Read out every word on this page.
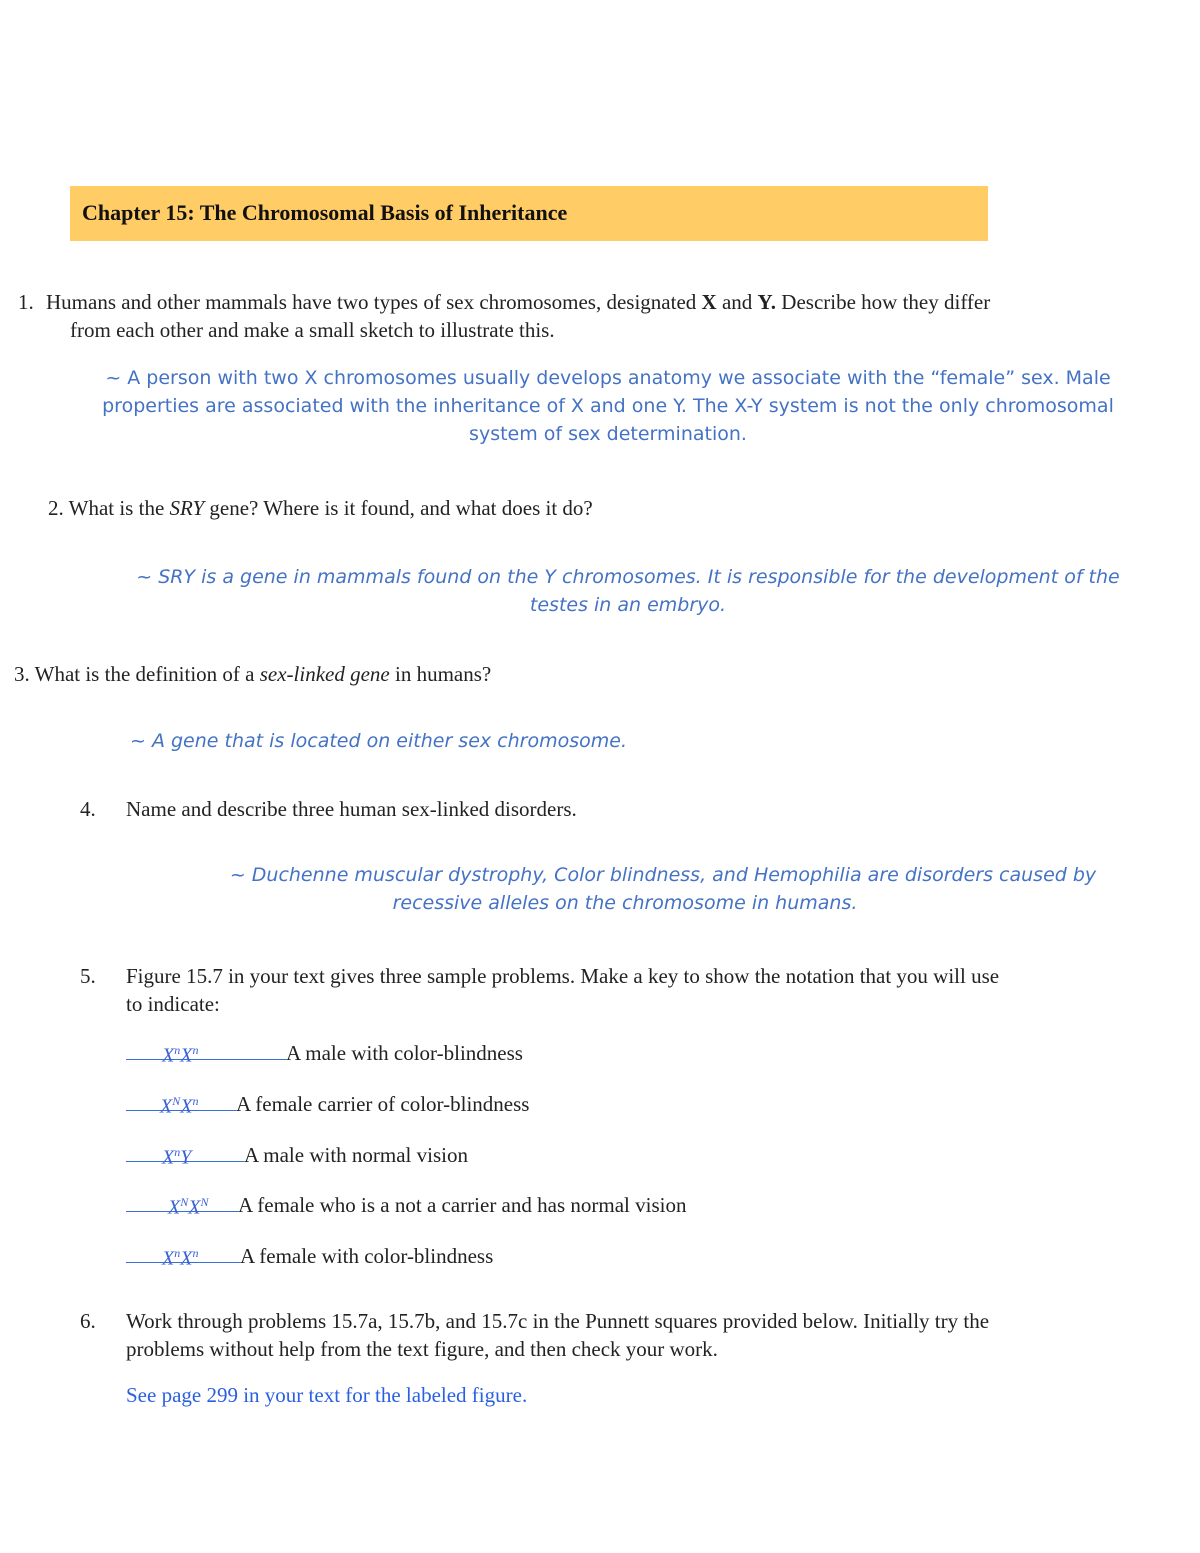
Chapter 15: The Chromosomal Basis of Inheritance
1. Humans and other mammals have two types of sex chromosomes, designated X and Y. Describe how they differ
from each other and make a small sketch to illustrate this.
~ A person with two X chromosomes usually develops anatomy we associate with the “female” sex. Male
properties are associated with the inheritance of X and one Y. The X-Y system is not the only chromosomal
system of sex determination.
2. What is the SRY gene? Where is it found, and what does it do?
~ SRY is a gene in mammals found on the Y chromosomes. It is responsible for the development of the
testes in an embryo.
3. What is the definition of a sex-linked gene in humans?
~ A gene that is located on either sex chromosome.
4. Name and describe three human sex-linked disorders.
~ Duchenne muscular dystrophy, Color blindness, and Hemophilia are disorders caused by
recessive alleles on the chromosome in humans.
5. Figure 15.7 in your text gives three sample problems. Make a key to show the notation that you will use
to indicate:
$X^nX^n$	A male with color-blindness
$X^NX^n$ A female carrier of color-blindness
$X^nY$	A male with normal vision
$X^NX^N$ A female who is a not a carrier and has normal vision
$X^nX^n$ A female with color-blindness
6. Work through problems 15.7a, 15.7b, and 15.7c in the Punnett squares provided below. Initially try the
problems without help from the text figure, and then check your work.
See page 299 in your text for the labeled figure.
